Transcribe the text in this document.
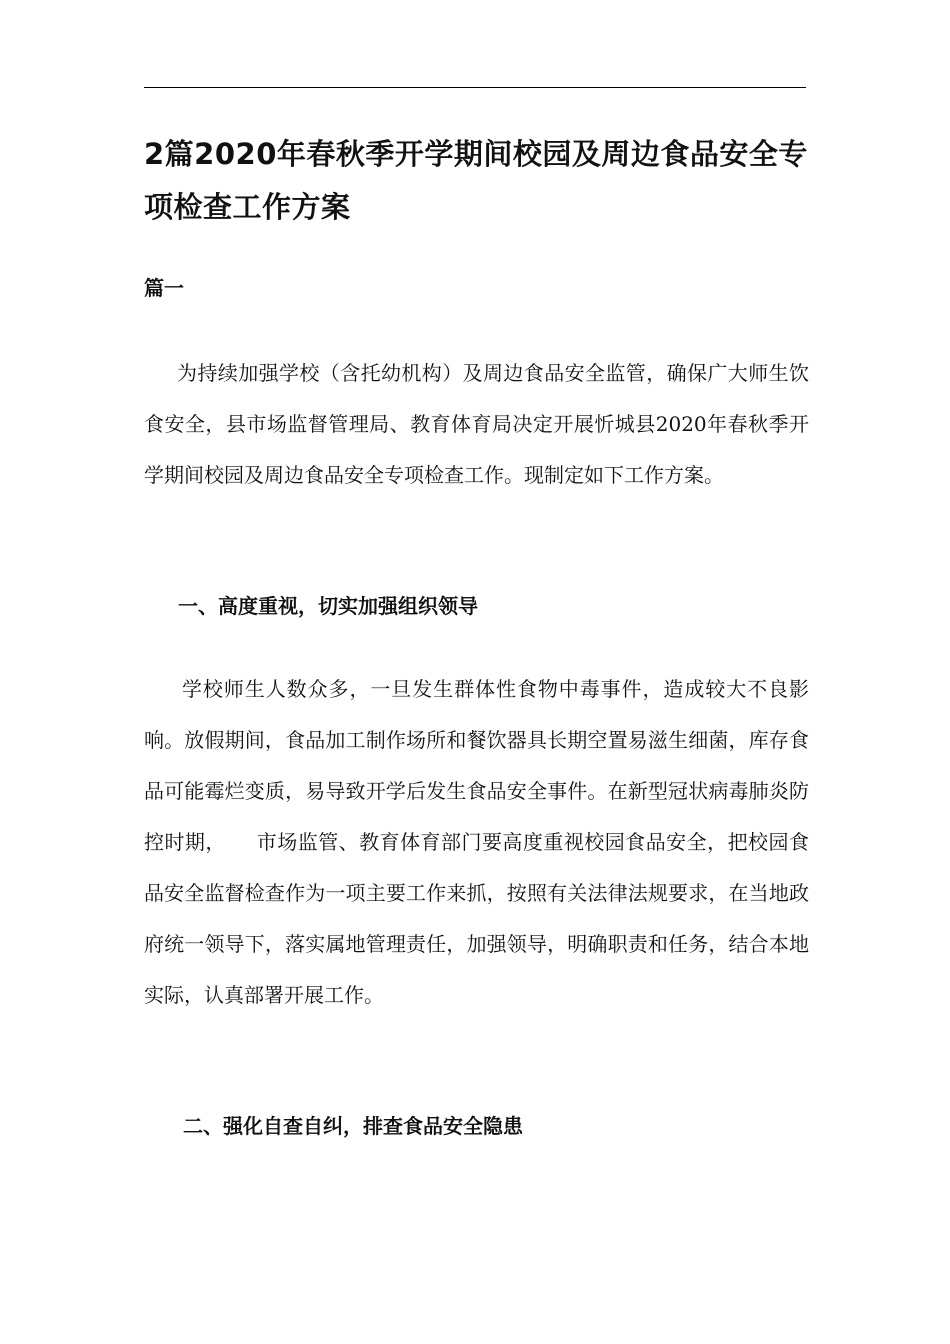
2篇2020年春秋季开学期间校园及周边食品安全专项检查工作方案
篇一

为持续加强学校（含托幼机构）及周边食品安全监管，确保广大师生饮食安全，县市场监督管理局、教育体育局决定开展忻城县2020年春秋季开学期间校园及周边食品安全专项检查工作。现制定如下工作方案。

一、高度重视，切实加强组织领导

学校师生人数众多，一旦发生群体性食物中毒事件，造成较大不良影响。放假期间，食品加工制作场所和餐饮器具长期空置易滋生细菌，库存食品可能霉烂变质，易导致开学后发生食品安全事件。在新型冠状病毒肺炎防控时期，　　市场监管、教育体育部门要高度重视校园食品安全，把校园食品安全监督检查作为一项主要工作来抓，按照有关法律法规要求，在当地政府统一领导下，落实属地管理责任，加强领导，明确职责和任务，结合本地实际，认真部署开展工作。

二、强化自查自纠，排查食品安全隐患
